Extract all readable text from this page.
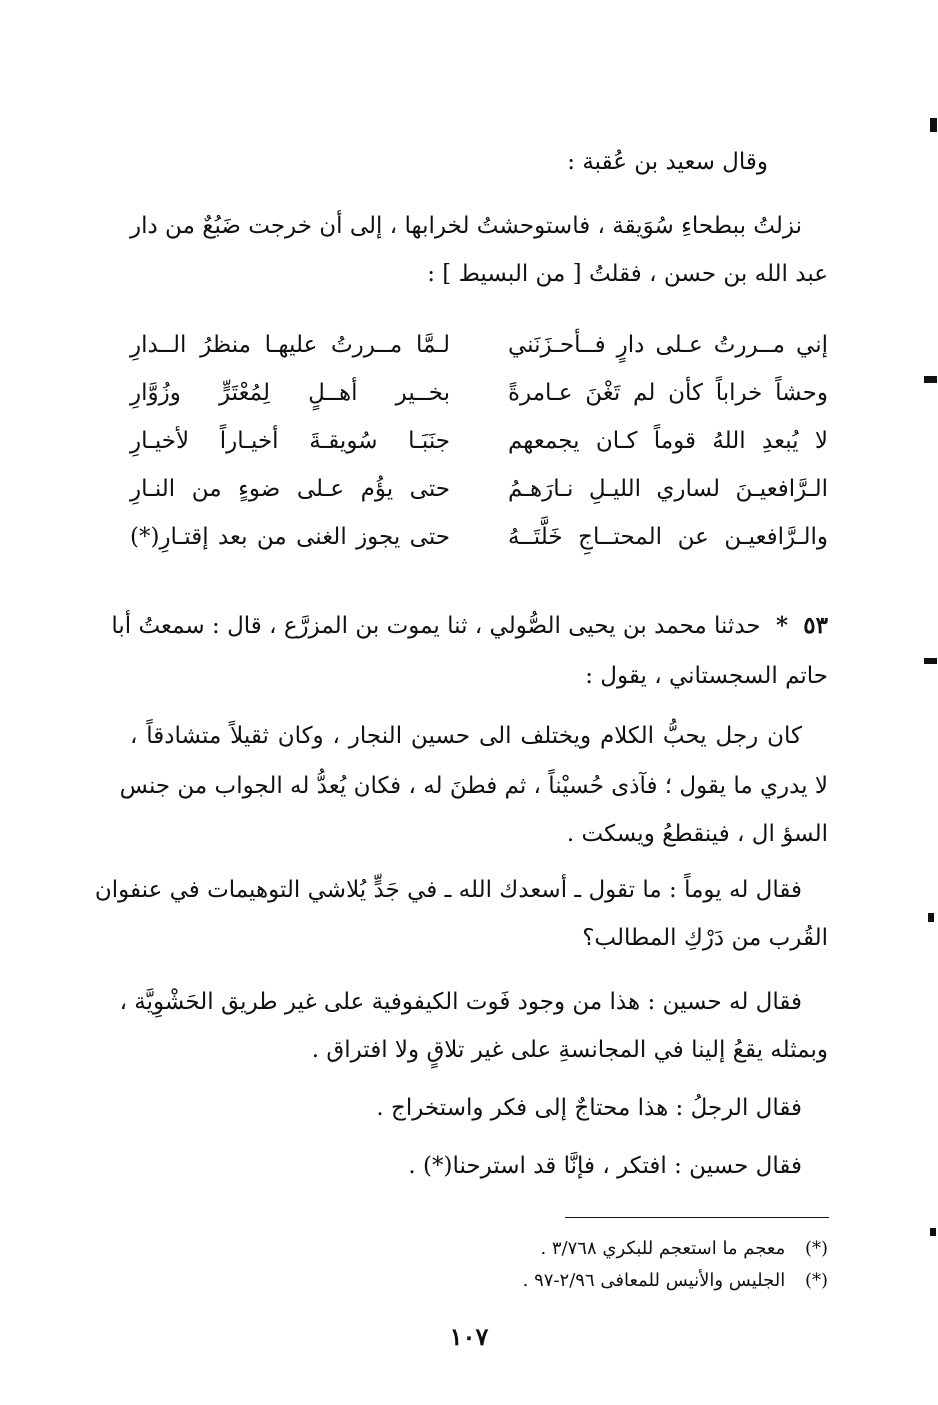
وقال سعيد بن عُقبة :
نزلتُ ببطحاءِ سُوَيقة ، فاستوحشتُ لخرابها ، إلى أن خرجت ضَبُعٌ من دار
عبد الله بن حسن ، فقلتُ [ من البسيط ] :
إني مــررتُ عـلى دارٍ فــأحـزَنَني
لـمَّا مــررتُ عليهـا منظرُ الــدارِ
وحشاً خراباً كأن لم تَغْنَ عـامرةً
بخــير أهــلٍ لِمُعْتَرٍّ وزُوَّارِ
لا يُبعدِ اللهُ قوماً كـان يجمعهم
جنَبَـا سُويقـةَ أخيـاراً لأخيـارِ
الـرَّافعيـنَ لساري الليـلِ نـارَهـمُ
حتى يؤُم عـلى ضوءٍ من النـارِ
والـرَّافعيـن عن المحتــاجِ خَلَّتَــهُ
حتى يجوز الغنى من بعد إقتـارِ(*)
٥٣ * حدثنا محمد بن يحيى الصُّولي ، ثنا يموت بن المزرَّع ، قال : سمعتُ أبا
حاتم السجستاني ، يقول :
كان رجل يحبُّ الكلام ويختلف الى حسين النجار ، وكان ثقيلاً متشادقاً ،
لا يدري ما يقول ؛ فآذى حُسيْناً ، ثم فطنَ له ، فكان يُعدُّ له الجواب من جنس
السؤ ال ، فينقطعُ ويسكت .
فقال له يوماً : ما تقول ـ أسعدك الله ـ في جَدٍّ يُلاشي التوهيمات في عنفوان
القُرب من دَرْكِ المطالب؟
فقال له حسين : هذا من وجود فَوت الكيفوفية على غير طريق الحَشْوِيَّة ،
وبمثله يقعُ إلينا في المجانسةِ على غير تلاقٍ ولا افتراق .
فقال الرجلُ : هذا محتاجٌ إلى فكر واستخراج .
فقال حسين : افتكر ، فإنَّا قد استرحنا(*) .
(*) معجم ما استعجم للبكري ٣/٧٦٨ .
(*) الجليس والأنيس للمعافى ٢/٩٦-٩٧ .
١٠٧
